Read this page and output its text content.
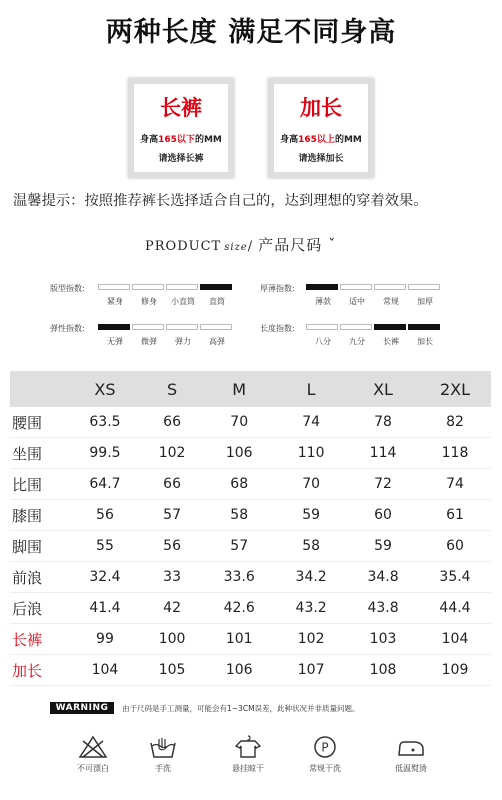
两种长度 满足不同身高
长裤
身高165以下的MM
请选择长裤
加长
身高165以上的MM
请选择加长
温馨提示：按照推荐裤长选择适合自己的，达到理想的穿着效果。
PRODUCT size/ 产品尺码 ˇ
版型指数:
紧身	修身	小直筒	直筒
厚薄指数:
薄款	适中	常规	加厚
弹性指数:
无弹	微弹	弹力	高弹
长度指数:
八分	九分	长裤	加长
	XS	S	M	L	XL	2XL
腰围	63.5	66	70	74	78	82
坐围	99.5	102	106	110	114	118
比围	64.7	66	68	70	72	74
膝围	56	57	58	59	60	61
脚围	55	56	57	58	59	60
前浪	32.4	33	33.6	34.2	34.8	35.4
后浪	41.4	42	42.6	43.2	43.8	44.4
长裤	99	100	101	102	103	104
加长	104	105	106	107	108	109
WARNING	由于尺码是手工测量，可能会有1~3CM误差，此种状况并非质量问题。
不可漂白	手洗	悬挂晾干
P
常规干洗	低温熨烫
